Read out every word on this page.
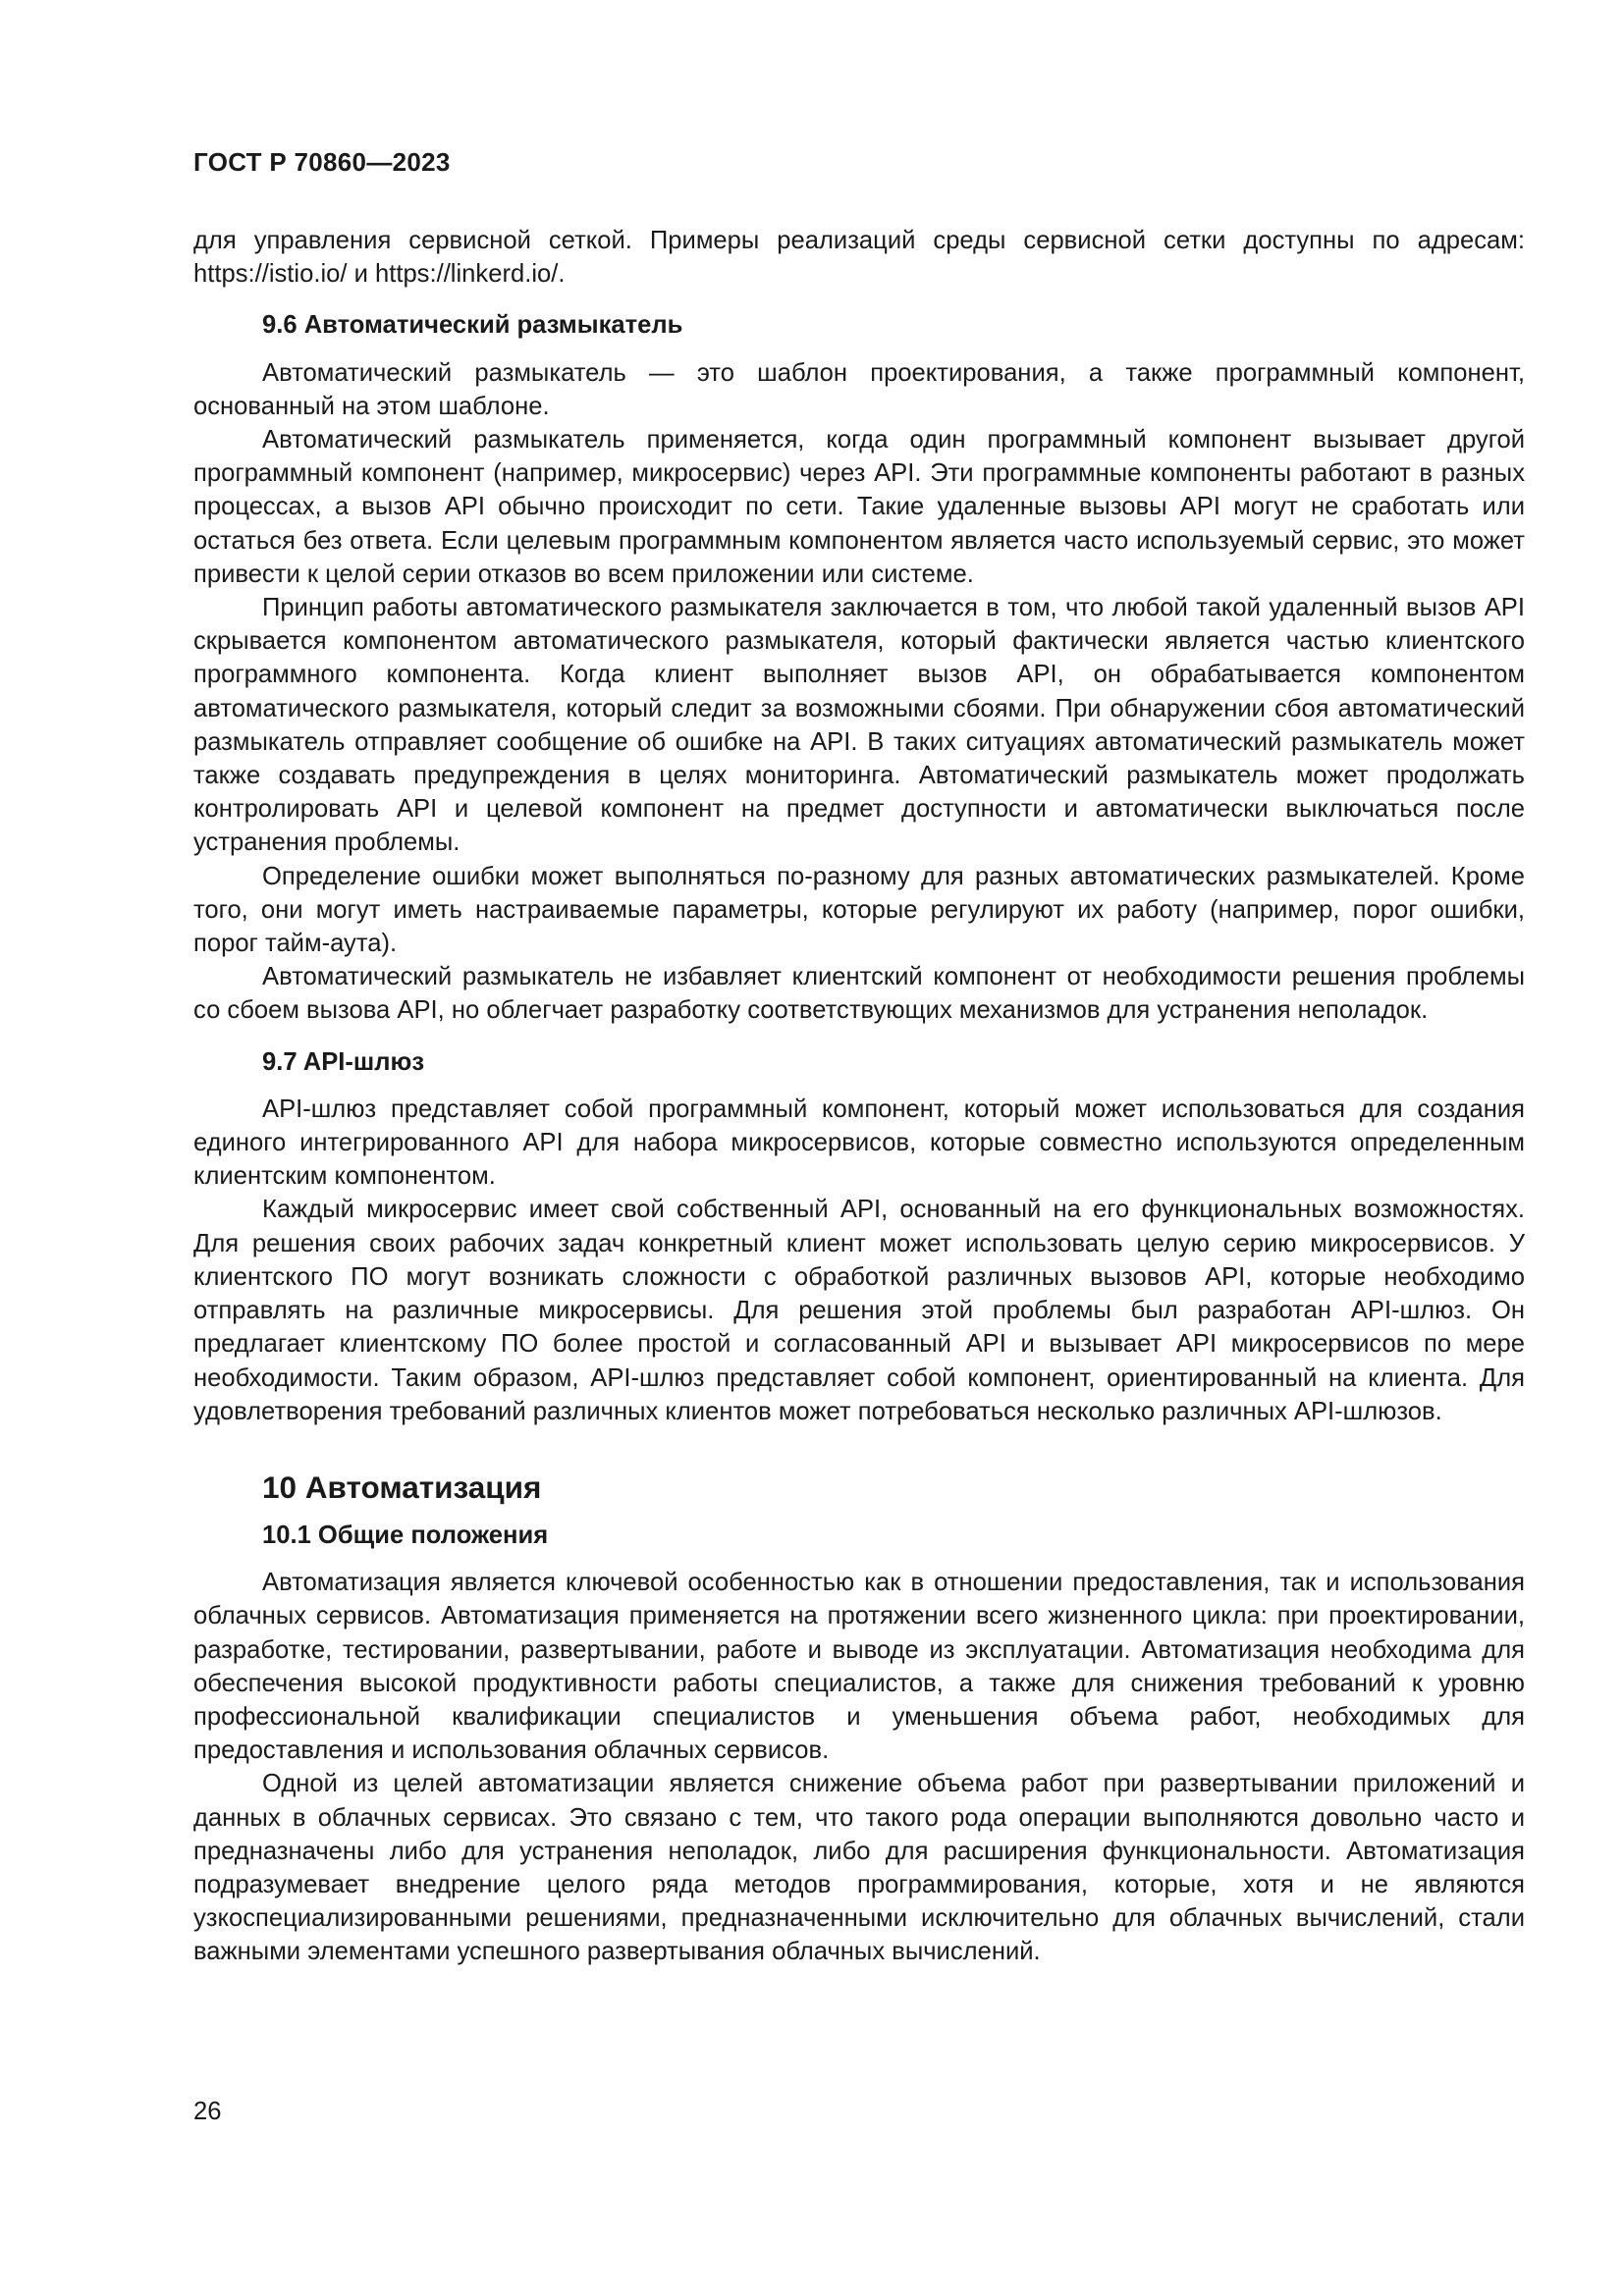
ГОСТ Р 70860—2023

для управления сервисной сеткой. Примеры реализаций среды сервисной сетки доступны по адресам: https://istio.io/ и https://linkerd.io/.

9.6 Автоматический размыкатель

Автоматический размыкатель — это шаблон проектирования, а также программный компонент, основанный на этом шаблоне.

Автоматический размыкатель применяется, когда один программный компонент вызывает другой программный компонент (например, микросервис) через API. Эти программные компоненты работают в разных процессах, а вызов API обычно происходит по сети. Такие удаленные вызовы API могут не сработать или остаться без ответа. Если целевым программным компонентом является часто используемый сервис, это может привести к целой серии отказов во всем приложении или системе.

Принцип работы автоматического размыкателя заключается в том, что любой такой удаленный вызов API скрывается компонентом автоматического размыкателя, который фактически является частью клиентского программного компонента. Когда клиент выполняет вызов API, он обрабатывается компонентом автоматического размыкателя, который следит за возможными сбоями. При обнаружении сбоя автоматический размыкатель отправляет сообщение об ошибке на API. В таких ситуациях автоматический размыкатель может также создавать предупреждения в целях мониторинга. Автоматический размыкатель может продолжать контролировать API и целевой компонент на предмет доступности и автоматически выключаться после устранения проблемы.

Определение ошибки может выполняться по-разному для разных автоматических размыкателей. Кроме того, они могут иметь настраиваемые параметры, которые регулируют их работу (например, порог ошибки, порог тайм-аута).

Автоматический размыкатель не избавляет клиентский компонент от необходимости решения проблемы со сбоем вызова API, но облегчает разработку соответствующих механизмов для устранения неполадок.

9.7 API-шлюз

API-шлюз представляет собой программный компонент, который может использоваться для создания единого интегрированного API для набора микросервисов, которые совместно используются определенным клиентским компонентом.

Каждый микросервис имеет свой собственный API, основанный на его функциональных возможностях. Для решения своих рабочих задач конкретный клиент может использовать целую серию микросервисов. У клиентского ПО могут возникать сложности с обработкой различных вызовов API, которые необходимо отправлять на различные микросервисы. Для решения этой проблемы был разработан API-шлюз. Он предлагает клиентскому ПО более простой и согласованный API и вызывает API микросервисов по мере необходимости. Таким образом, API-шлюз представляет собой компонент, ориентированный на клиента. Для удовлетворения требований различных клиентов может потребоваться несколько различных API-шлюзов.

10 Автоматизация
10.1 Общие положения

Автоматизация является ключевой особенностью как в отношении предоставления, так и использования облачных сервисов. Автоматизация применяется на протяжении всего жизненного цикла: при проектировании, разработке, тестировании, развертывании, работе и выводе из эксплуатации. Автоматизация необходима для обеспечения высокой продуктивности работы специалистов, а также для снижения требований к уровню профессиональной квалификации специалистов и уменьшения объема работ, необходимых для предоставления и использования облачных сервисов.

Одной из целей автоматизации является снижение объема работ при развертывании приложений и данных в облачных сервисах. Это связано с тем, что такого рода операции выполняются довольно часто и предназначены либо для устранения неполадок, либо для расширения функциональности. Автоматизация подразумевает внедрение целого ряда методов программирования, которые, хотя и не являются узкоспециализированными решениями, предназначенными исключительно для облачных вычислений, стали важными элементами успешного развертывания облачных вычислений.

26
